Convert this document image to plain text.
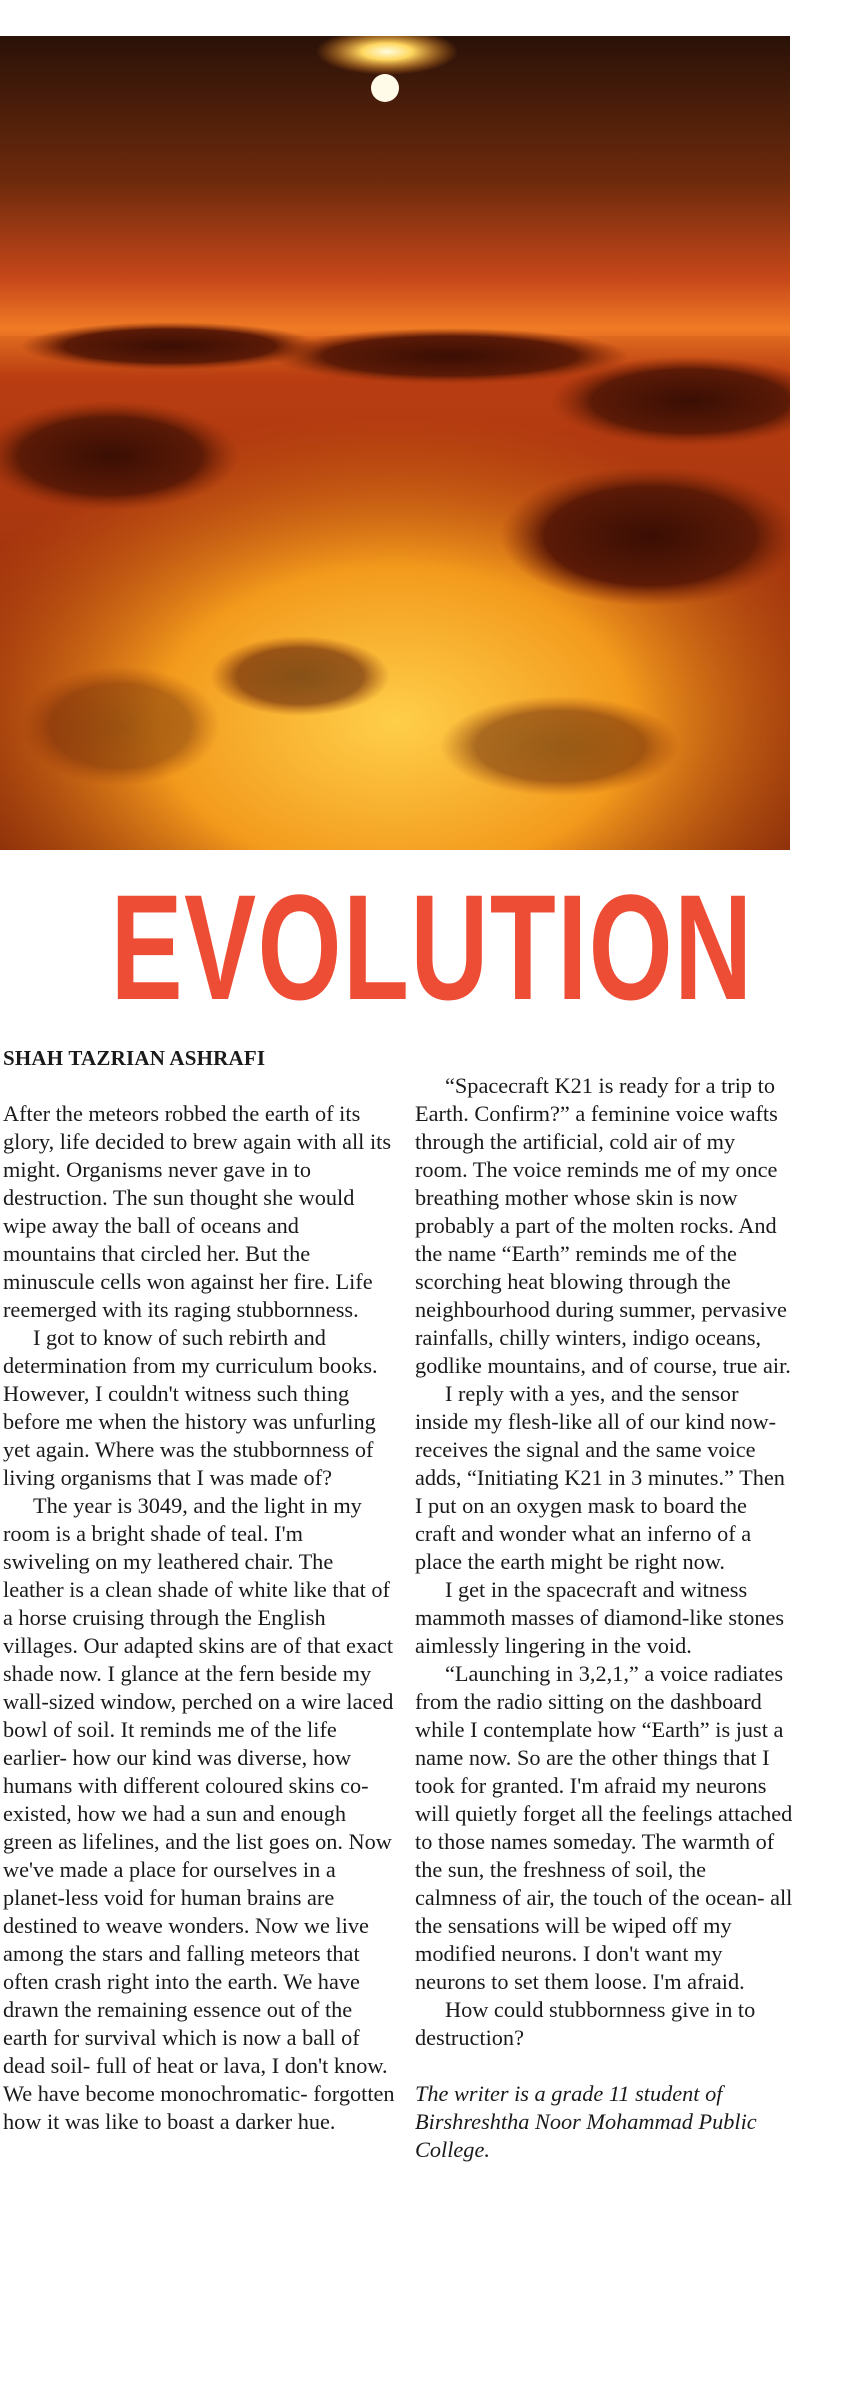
EVOLUTION
SHAH TAZRIAN ASHRAFI

After the meteors robbed the earth of its glory, life decided to brew again with all its might. Organisms never gave in to destruction. The sun thought she would wipe away the ball of oceans and mountains that circled her. But the minuscule cells won against her fire. Life reemerged with its raging stubbornness.

I got to know of such rebirth and determination from my curriculum books. However, I couldn't witness such thing before me when the history was unfurling yet again. Where was the stubbornness of living organisms that I was made of?

The year is 3049, and the light in my room is a bright shade of teal. I'm swiveling on my leathered chair. The leather is a clean shade of white like that of a horse cruising through the English villages. Our adapted skins are of that exact shade now. I glance at the fern beside my wall-sized window, perched on a wire laced bowl of soil. It reminds me of the life earlier- how our kind was diverse, how humans with different coloured skins co-existed, how we had a sun and enough green as lifelines, and the list goes on. Now we've made a place for ourselves in a planet-less void for human brains are destined to weave wonders. Now we live among the stars and falling meteors that often crash right into the earth. We have drawn the remaining essence out of the earth for survival which is now a ball of dead soil- full of heat or lava, I don't know. We have become monochromatic- forgotten how it was like to boast a darker hue.

“Spacecraft K21 is ready for a trip to Earth. Confirm?” a feminine voice wafts through the artificial, cold air of my room. The voice reminds me of my once breathing mother whose skin is now probably a part of the molten rocks. And the name “Earth” reminds me of the scorching heat blowing through the neighbourhood during summer, pervasive rainfalls, chilly winters, indigo oceans, godlike mountains, and of course, true air.

I reply with a yes, and the sensor inside my flesh-like all of our kind now- receives the signal and the same voice adds, “Initiating K21 in 3 minutes.” Then I put on an oxygen mask to board the craft and wonder what an inferno of a place the earth might be right now.

I get in the spacecraft and witness mammoth masses of diamond-like stones aimlessly lingering in the void.

“Launching in 3,2,1,” a voice radiates from the radio sitting on the dashboard while I contemplate how “Earth” is just a name now. So are the other things that I took for granted. I'm afraid my neurons will quietly forget all the feelings attached to those names someday. The warmth of the sun, the freshness of soil, the calmness of air, the touch of the ocean- all the sensations will be wiped off my modified neurons. I don't want my neurons to set them loose. I'm afraid.

How could stubbornness give in to destruction?

The writer is a grade 11 student of Birshreshtha Noor Mohammad Public College.
